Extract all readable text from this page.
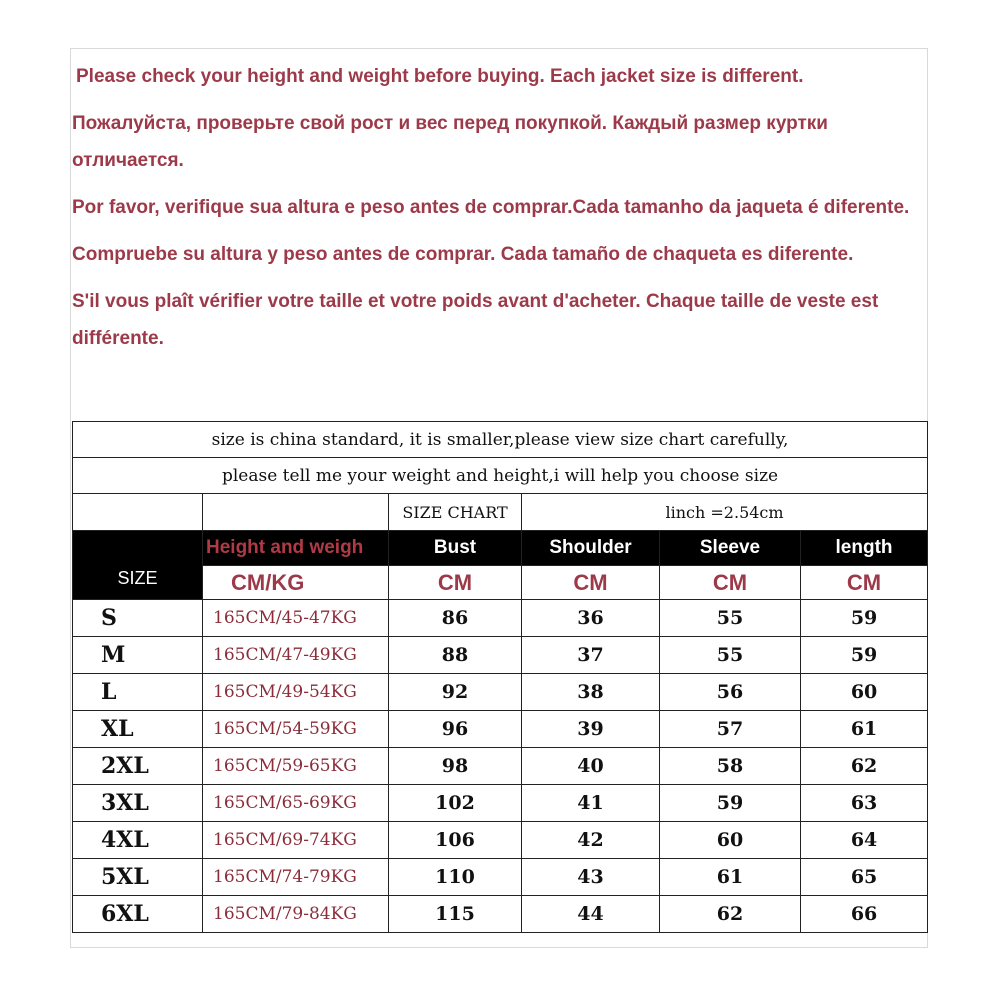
Please check your height and weight before buying. Each jacket size is different.

Пожалуйста, проверьте свой рост и вес перед покупкой. Каждый размер куртки отличается.

Por favor, verifique sua altura e peso antes de comprar.Cada tamanho da jaqueta é diferente.

Compruebe su altura y peso antes de comprar. Cada tamaño de chaqueta es diferente.

S'il vous plaît vérifier votre taille et votre poids avant d'acheter. Chaque taille de veste est différente.

size is china standard, it is smaller,please view size chart carefully,					
please tell me your weight and height,i will help you choose size					
		SIZE CHART	linch =2.54cm		
SIZE	Height and weigh	Bust	Shoulder	Sleeve	length
	CM/KG	CM	CM	CM	CM
S	165CM/45-47KG	86	36	55	59
M	165CM/47-49KG	88	37	55	59
L	165CM/49-54KG	92	38	56	60
XL	165CM/54-59KG	96	39	57	61
2XL	165CM/59-65KG	98	40	58	62
3XL	165CM/65-69KG	102	41	59	63
4XL	165CM/69-74KG	106	42	60	64
5XL	165CM/74-79KG	110	43	61	65
6XL	165CM/79-84KG	115	44	62	66
